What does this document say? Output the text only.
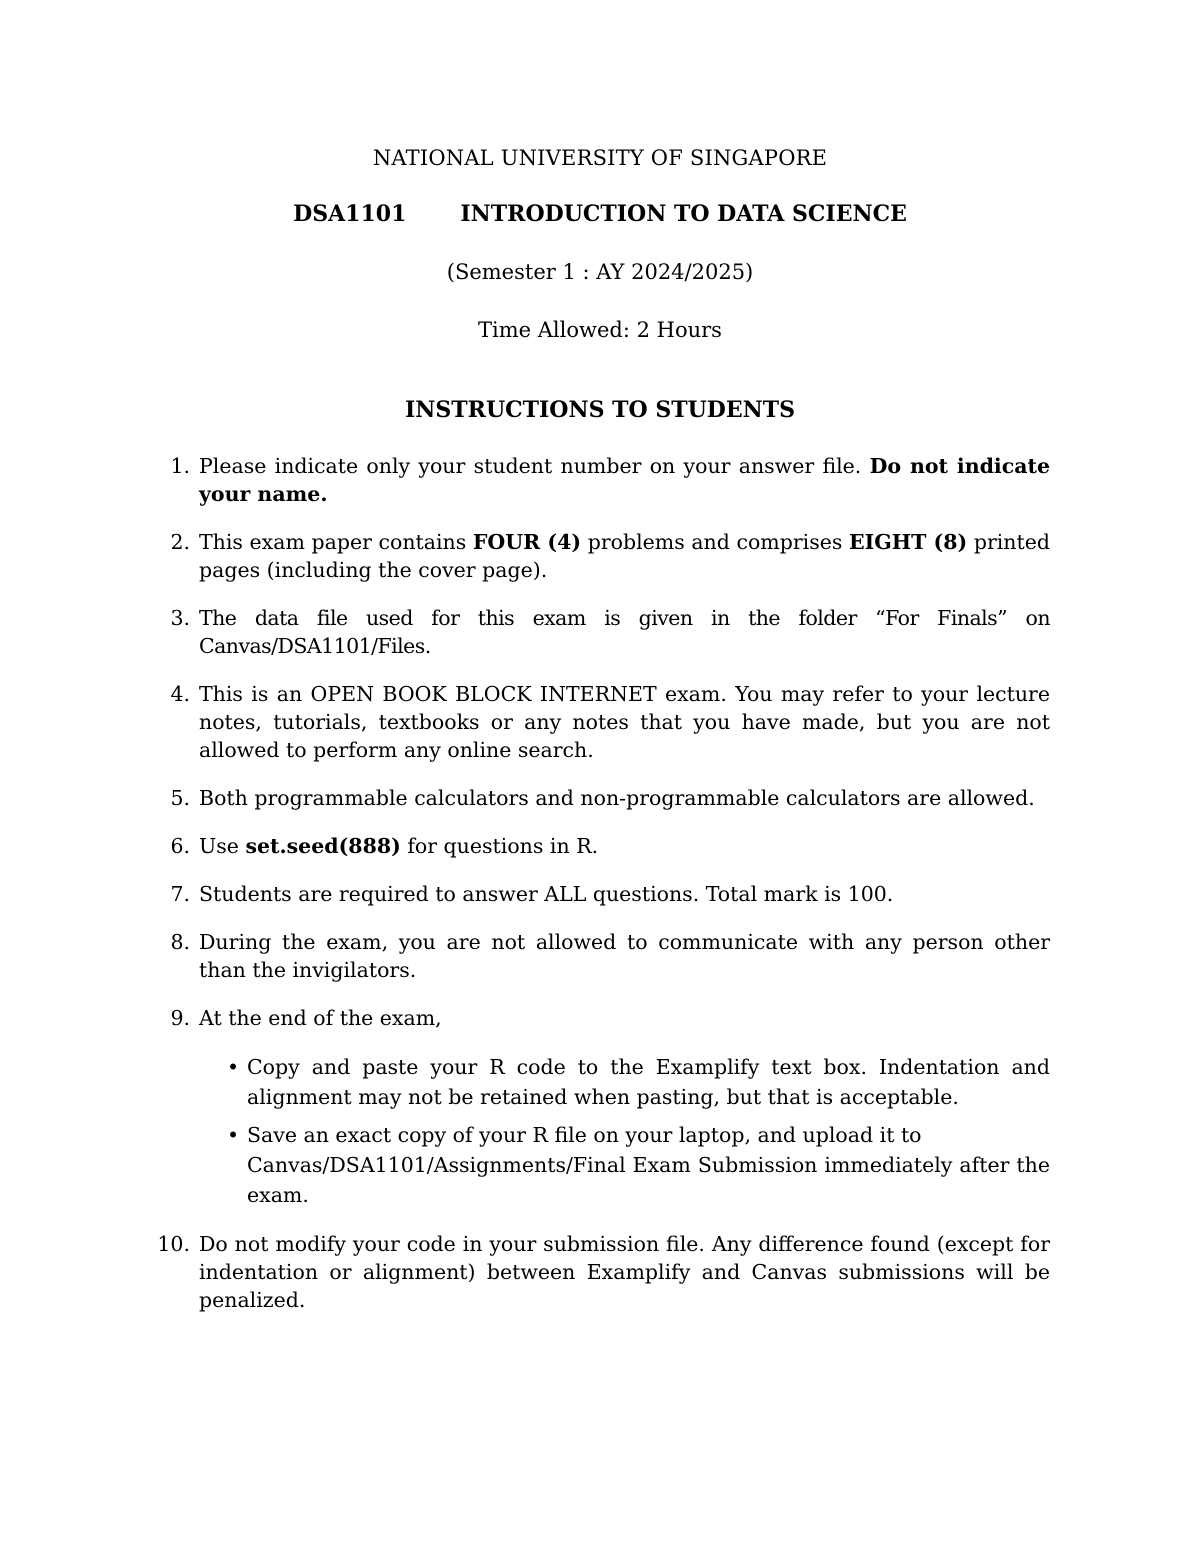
NATIONAL UNIVERSITY OF SINGAPORE
DSA1101 INTRODUCTION TO DATA SCIENCE
(Semester 1 : AY 2024/2025)
Time Allowed: 2 Hours
INSTRUCTIONS TO STUDENTS
1. Please indicate only your student number on your answer file. Do not indicate your name.
2. This exam paper contains FOUR (4) problems and comprises EIGHT (8) printed pages (including the cover page).
3. The data file used for this exam is given in the folder “For Finals” on Canvas/DSA1101/Files.
4. This is an OPEN BOOK BLOCK INTERNET exam. You may refer to your lecture notes, tutorials, textbooks or any notes that you have made, but you are not allowed to perform any online search.
5. Both programmable calculators and non-programmable calculators are allowed.
6. Use set.seed(888) for questions in R.
7. Students are required to answer ALL questions. Total mark is 100.
8. During the exam, you are not allowed to communicate with any person other than the invigilators.
9. At the end of the exam,
• Copy and paste your R code to the Examplify text box. Indentation and alignment may not be retained when pasting, but that is acceptable.
• Save an exact copy of your R file on your laptop, and upload it to
Canvas/DSA1101/Assignments/Final Exam Submission immediately after the exam.
10. Do not modify your code in your submission file. Any difference found (except for indentation or alignment) between Examplify and Canvas submissions will be penalized.
